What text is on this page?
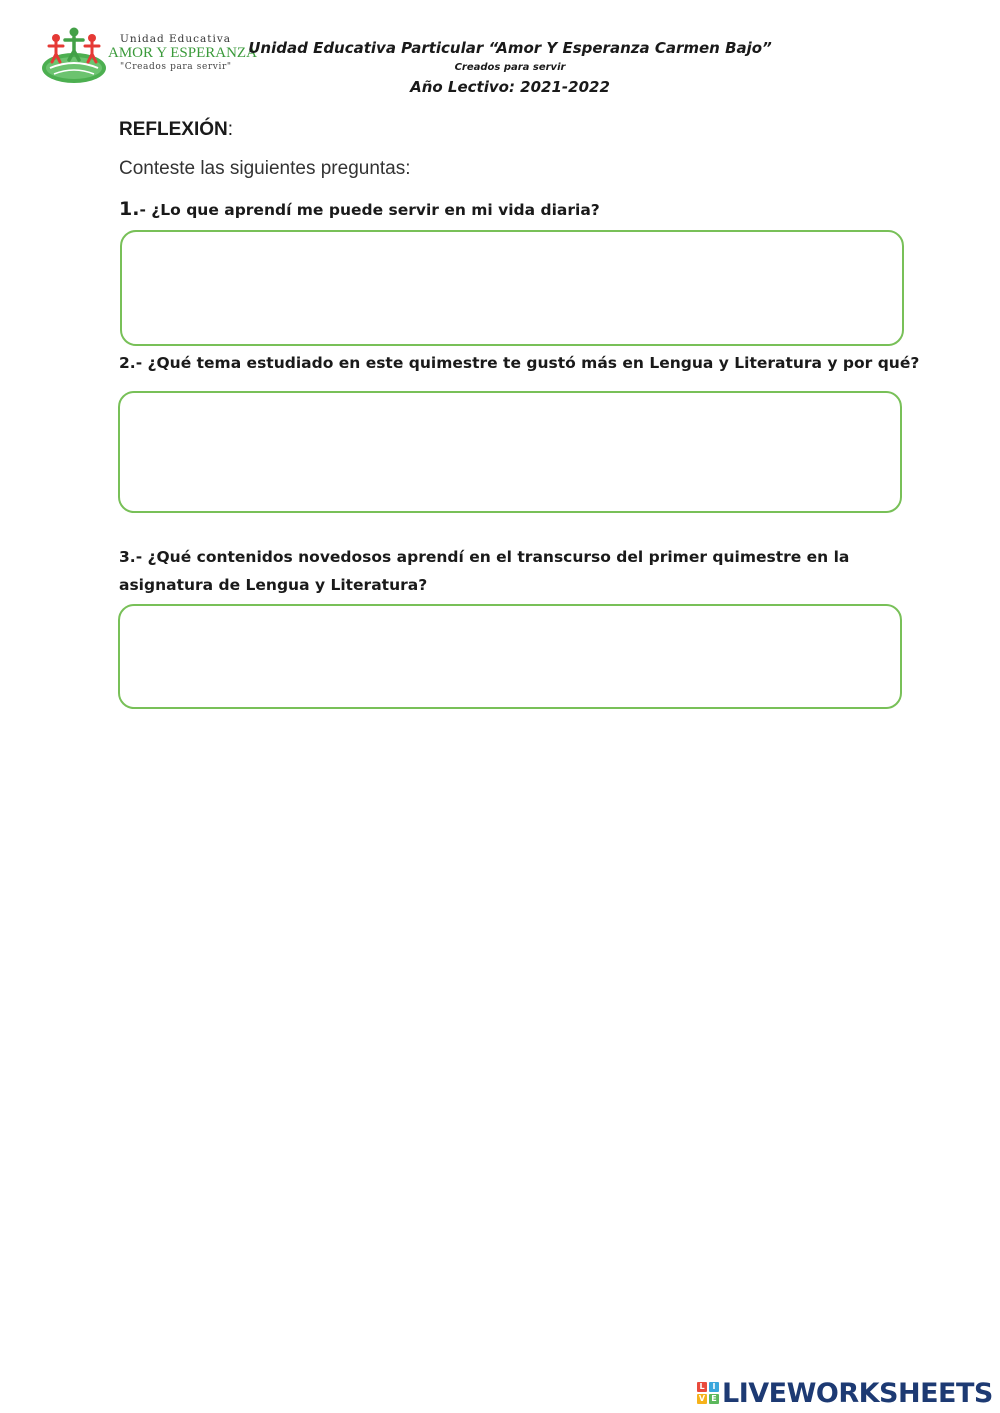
Unidad Educativa
AMOR Y ESPERANZA
"Creados para servir"
Unidad Educativa Particular “Amor Y Esperanza Carmen Bajo”
Creados para servir
Año Lectivo: 2021-2022
REFLEXIÓN:
Conteste las siguientes preguntas:
1.- ¿Lo que aprendí me puede servir en mi vida diaria?
2.- ¿Qué tema estudiado en este quimestre te gustó más en Lengua y Literatura y por qué?
3.- ¿Qué contenidos novedosos aprendí en el transcurso del primer quimestre en la
asignatura de Lengua y Literatura?
L I
V E LIVEWORKSHEETS
